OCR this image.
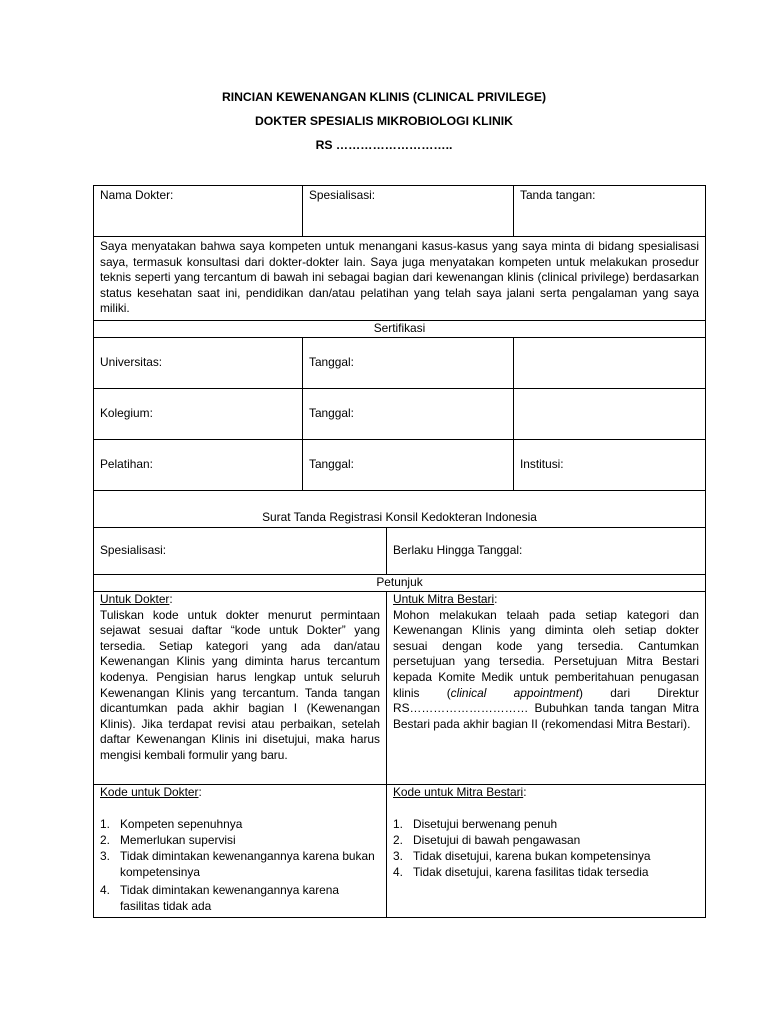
RINCIAN KEWENANGAN KLINIS (CLINICAL PRIVILEGE)
DOKTER SPESIALIS MIKROBIOLOGI KLINIK
RS ………………………..
Nama Dokter:	Spesialisasi:	Tanda tangan:
Saya menyatakan bahwa saya kompeten untuk menangani kasus-kasus yang saya minta di bidang spesialisasi saya, termasuk konsultasi dari dokter-dokter lain. Saya juga menyatakan kompeten untuk melakukan prosedur teknis seperti yang tercantum di bawah ini sebagai bagian dari kewenangan klinis (clinical privilege) berdasarkan status kesehatan saat ini, pendidikan dan/atau pelatihan yang telah saya jalani serta pengalaman yang saya miliki.
Sertifikasi
Universitas:	Tanggal:
Kolegium:	Tanggal:
Pelatihan:	Tanggal:	Institusi:
Surat Tanda Registrasi Konsil Kedokteran Indonesia
Spesialisasi:	Berlaku Hingga Tanggal:
Petunjuk
Untuk Dokter:
Tuliskan kode untuk dokter menurut permintaan sejawat sesuai daftar “kode untuk Dokter” yang tersedia. Setiap kategori yang ada dan/atau Kewenangan Klinis yang diminta harus tercantum kodenya. Pengisian harus lengkap untuk seluruh Kewenangan Klinis yang tercantum. Tanda tangan dicantumkan pada akhir bagian I (Kewenangan Klinis). Jika terdapat revisi atau perbaikan, setelah daftar Kewenangan Klinis ini disetujui, maka harus mengisi kembali formulir yang baru.
Untuk Mitra Bestari:
Mohon melakukan telaah pada setiap kategori dan Kewenangan Klinis yang diminta oleh setiap dokter sesuai dengan kode yang tersedia. Cantumkan persetujuan yang tersedia. Persetujuan Mitra Bestari kepada Komite Medik untuk pemberitahuan penugasan klinis (clinical appointment) dari Direktur RS………………………… Bubuhkan tanda tangan Mitra Bestari pada akhir bagian II (rekomendasi Mitra Bestari).
Kode untuk Dokter:
1. Kompeten sepenuhnya
2. Memerlukan supervisi
3. Tidak dimintakan kewenangannya karena bukan kompetensinya
4. Tidak dimintakan kewenangannya karena fasilitas tidak ada
Kode untuk Mitra Bestari:
1. Disetujui berwenang penuh
2. Disetujui di bawah pengawasan
3. Tidak disetujui, karena bukan kompetensinya
4. Tidak disetujui, karena fasilitas tidak tersedia
